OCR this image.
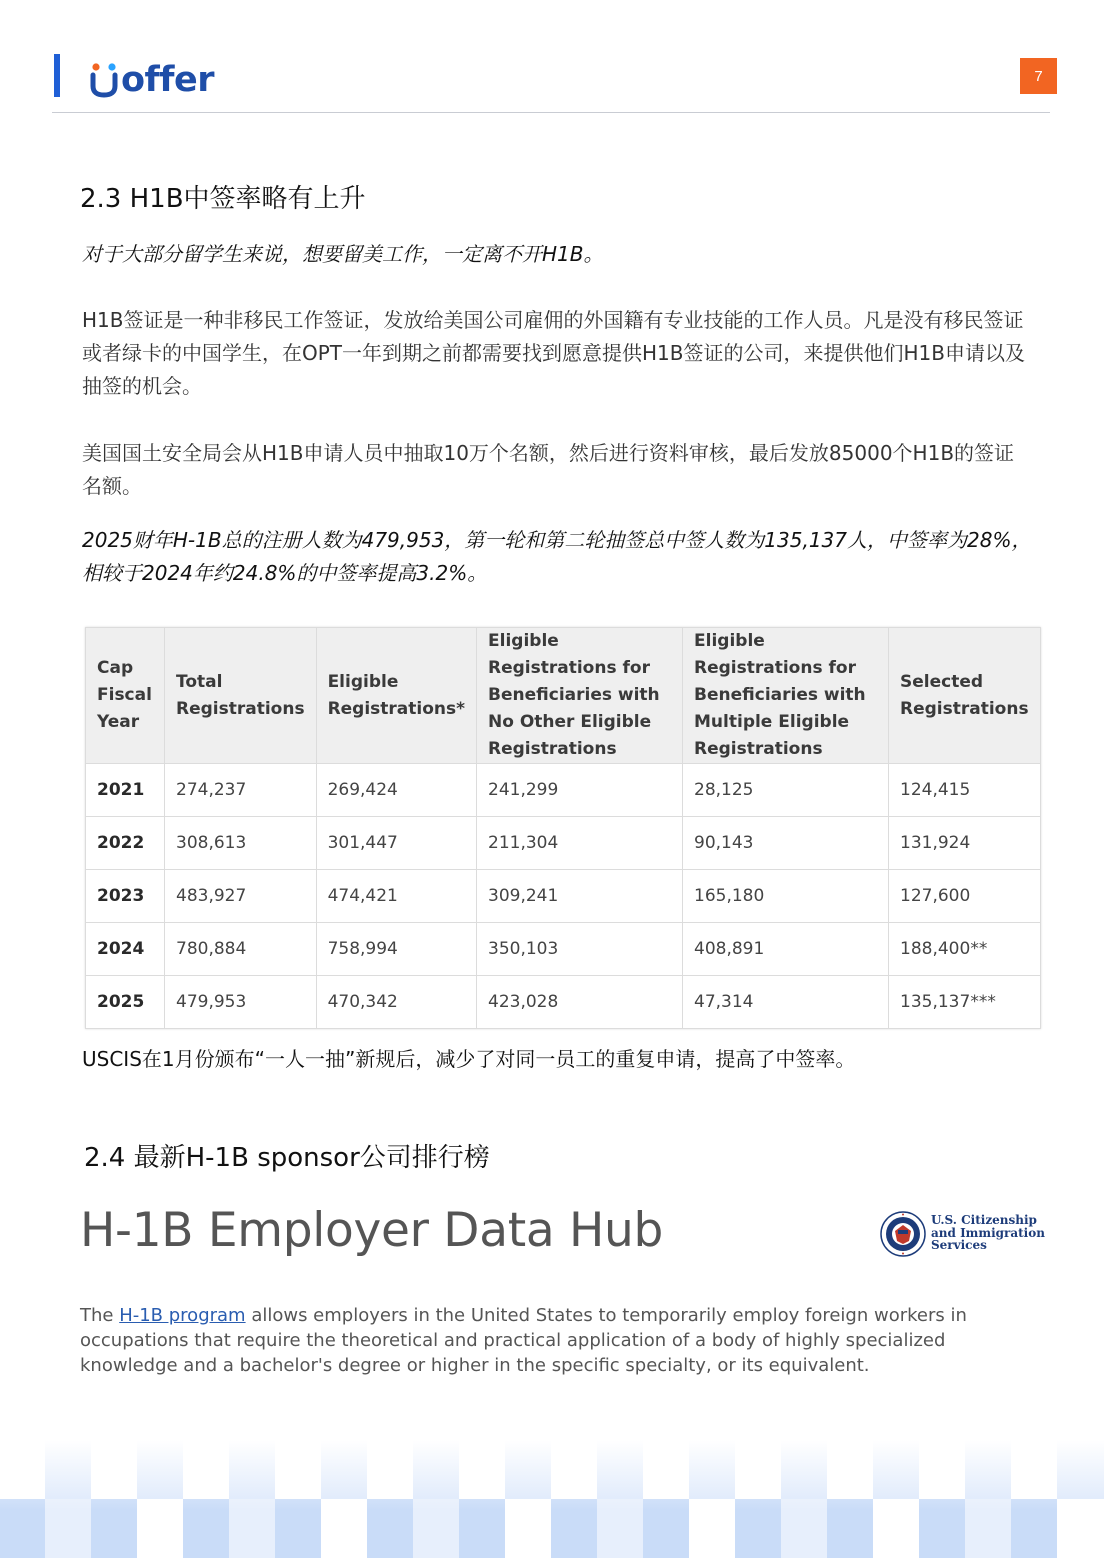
offer	7
2.3 H1B中签率略有上升
对于大部分留学生来说，想要留美工作，一定离不开H1B。
H1B签证是一种非移民工作签证，发放给美国公司雇佣的外国籍有专业技能的工作人员。凡是没有移民签证或者绿卡的中国学生，在OPT一年到期之前都需要找到愿意提供H1B签证的公司，来提供他们H1B申请以及抽签的机会。
美国国土安全局会从H1B申请人员中抽取10万个名额，然后进行资料审核，最后发放85000个H1B的签证名额。
2025财年H-1B总的注册人数为479,953，第一轮和第二轮抽签总中签人数为135,137人，中签率为28%，相较于2024年约24.8%的中签率提高3.2%。
Cap Fiscal Year	Total Registrations	Eligible Registrations*	Eligible Registrations for Beneficiaries with No Other Eligible Registrations	Eligible Registrations for Beneficiaries with Multiple Eligible Registrations	Selected Registrations
2021	274,237	269,424	241,299	28,125	124,415
2022	308,613	301,447	211,304	90,143	131,924
2023	483,927	474,421	309,241	165,180	127,600
2024	780,884	758,994	350,103	408,891	188,400**
2025	479,953	470,342	423,028	47,314	135,137***
USCIS在1月份颁布“一人一抽”新规后，减少了对同一员工的重复申请，提高了中签率。
2.4 最新H-1B sponsor公司排行榜
H-1B Employer Data Hub	U.S. Citizenship
and Immigration
Services
The H-1B program allows employers in the United States to temporarily employ foreign workers in occupations that require the theoretical and practical application of a body of highly specialized knowledge and a bachelor's degree or higher in the specific specialty, or its equivalent.
